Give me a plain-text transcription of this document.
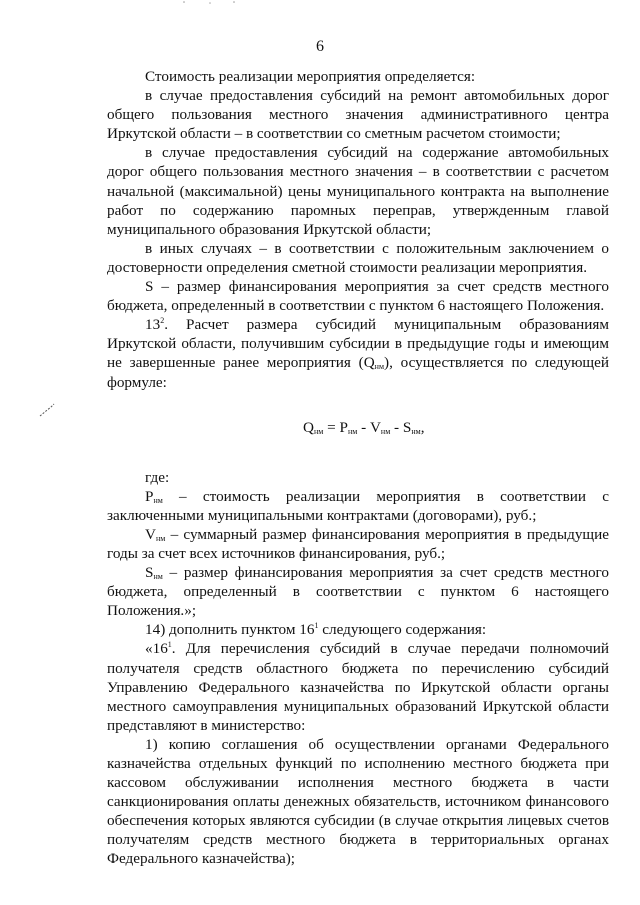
6

Стоимость реализации мероприятия определяется:

в случае предоставления субсидий на ремонт автомобильных дорог общего пользования местного значения административного центра Иркутской области – в соответствии со сметным расчетом стоимости;

в случае предоставления субсидий на содержание автомобильных дорог общего пользования местного значения – в соответствии с расчетом начальной (максимальной) цены муниципального контракта на выполнение работ по содержанию паромных переправ, утвержденным главой муниципального образования Иркутской области;

в иных случаях – в соответствии с положительным заключением о достоверности определения сметной стоимости реализации мероприятия.

S – размер финансирования мероприятия за счет средств местного бюджета, определенный в соответствии с пунктом 6 настоящего Положения.

$13^2$. Расчет размера субсидий муниципальным образованиям Иркутской области, получившим субсидии в предыдущие годы и имеющим не завершенные ранее мероприятия $(Q_{нм})$, осуществляется по следующей формуле:

$Q_{нм} = P_{нм} - V_{нм} - S_{нм}$,

где:

$P_{нм}$ – стоимость реализации мероприятия в соответствии с заключенными муниципальными контрактами (договорами), руб.;

$V_{нм}$ – суммарный размер финансирования мероприятия в предыдущие годы за счет всех источников финансирования, руб.;

$S_{нм}$ – размер финансирования мероприятия за счет средств местного бюджета, определенный в соответствии с пунктом 6 настоящего Положения.»;

14) дополнить пунктом $16^1$ следующего содержания:

«$16^1$. Для перечисления субсидий в случае передачи полномочий получателя средств областного бюджета по перечислению субсидий Управлению Федерального казначейства по Иркутской области органы местного самоуправления муниципальных образований Иркутской области представляют в министерство:

1) копию соглашения об осуществлении органами Федерального казначейства отдельных функций по исполнению местного бюджета при кассовом обслуживании исполнения местного бюджета в части санкционирования оплаты денежных обязательств, источником финансового обеспечения которых являются субсидии (в случае открытия лицевых счетов получателям средств местного бюджета в территориальных органах Федерального казначейства);
